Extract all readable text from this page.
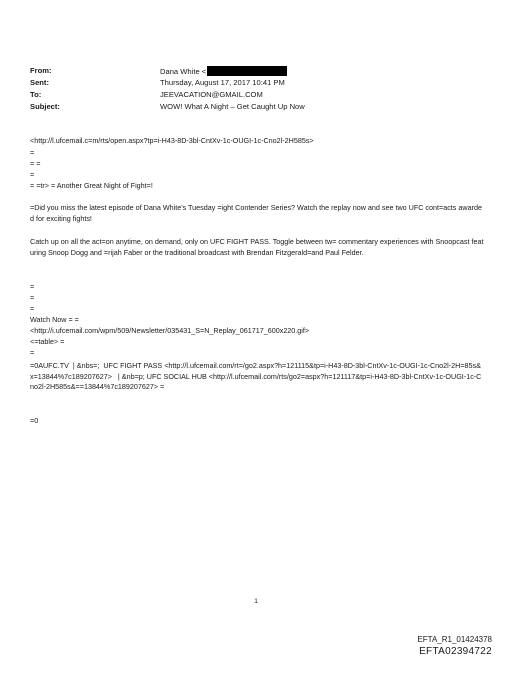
From:	Dana White <
Sent:	Thursday, August 17, 2017 10:41 PM
To:	JEEVACATION@GMAIL.COM
Subject:	WOW! What A Night – Get Caught Up Now
<http://l.ufcemail.c=m/rts/open.aspx?tp=i-H43-8D-3bl-CntXv-1c-OUGI-1c-Cno2l-2H585s>
=
= =
=
= =tr> = Another Great Night of Fight=!
=Did you miss the latest episode of Dana White's Tuesday =ight Contender Series? Watch the replay now and see two UFC cont=acts awarded for exciting fights!
Catch up on all the act=on anytime, on demand, only on UFC FIGHT PASS. Toggle between tw= commentary experiences with Snoopcast featuring Snoop Dogg and =rijah Faber or the traditional broadcast with Brendan Fitzgerald=and Paul Felder.
=
=
=
Watch Now = =
<http://i.ufcemail.com/wpm/509/Newsletter/035431_S=N_Replay_061717_600x220.gif>
<=table> =
=
=0AUFC.TV  | &nbs=;  UFC FIGHT PASS <http://l.ufcemail.com/rt=/go2.aspx?h=121115&tp=i-H43-8D-3bl-CntXv-1c-OUGI-1c-Cno2l-2H=85s&x=13844%7c189207627>   | &nb=p; UFC SOCIAL HUB <http://l.ufcemail.com/rts/go2=aspx?h=121117&tp=i-H43-8D-3bl-CntXv-1c-OUGI-1c-Cno2l-2H585s&==13844%7c189207627> =
=0
1
EFTA_R1_01424378
EFTA02394722
